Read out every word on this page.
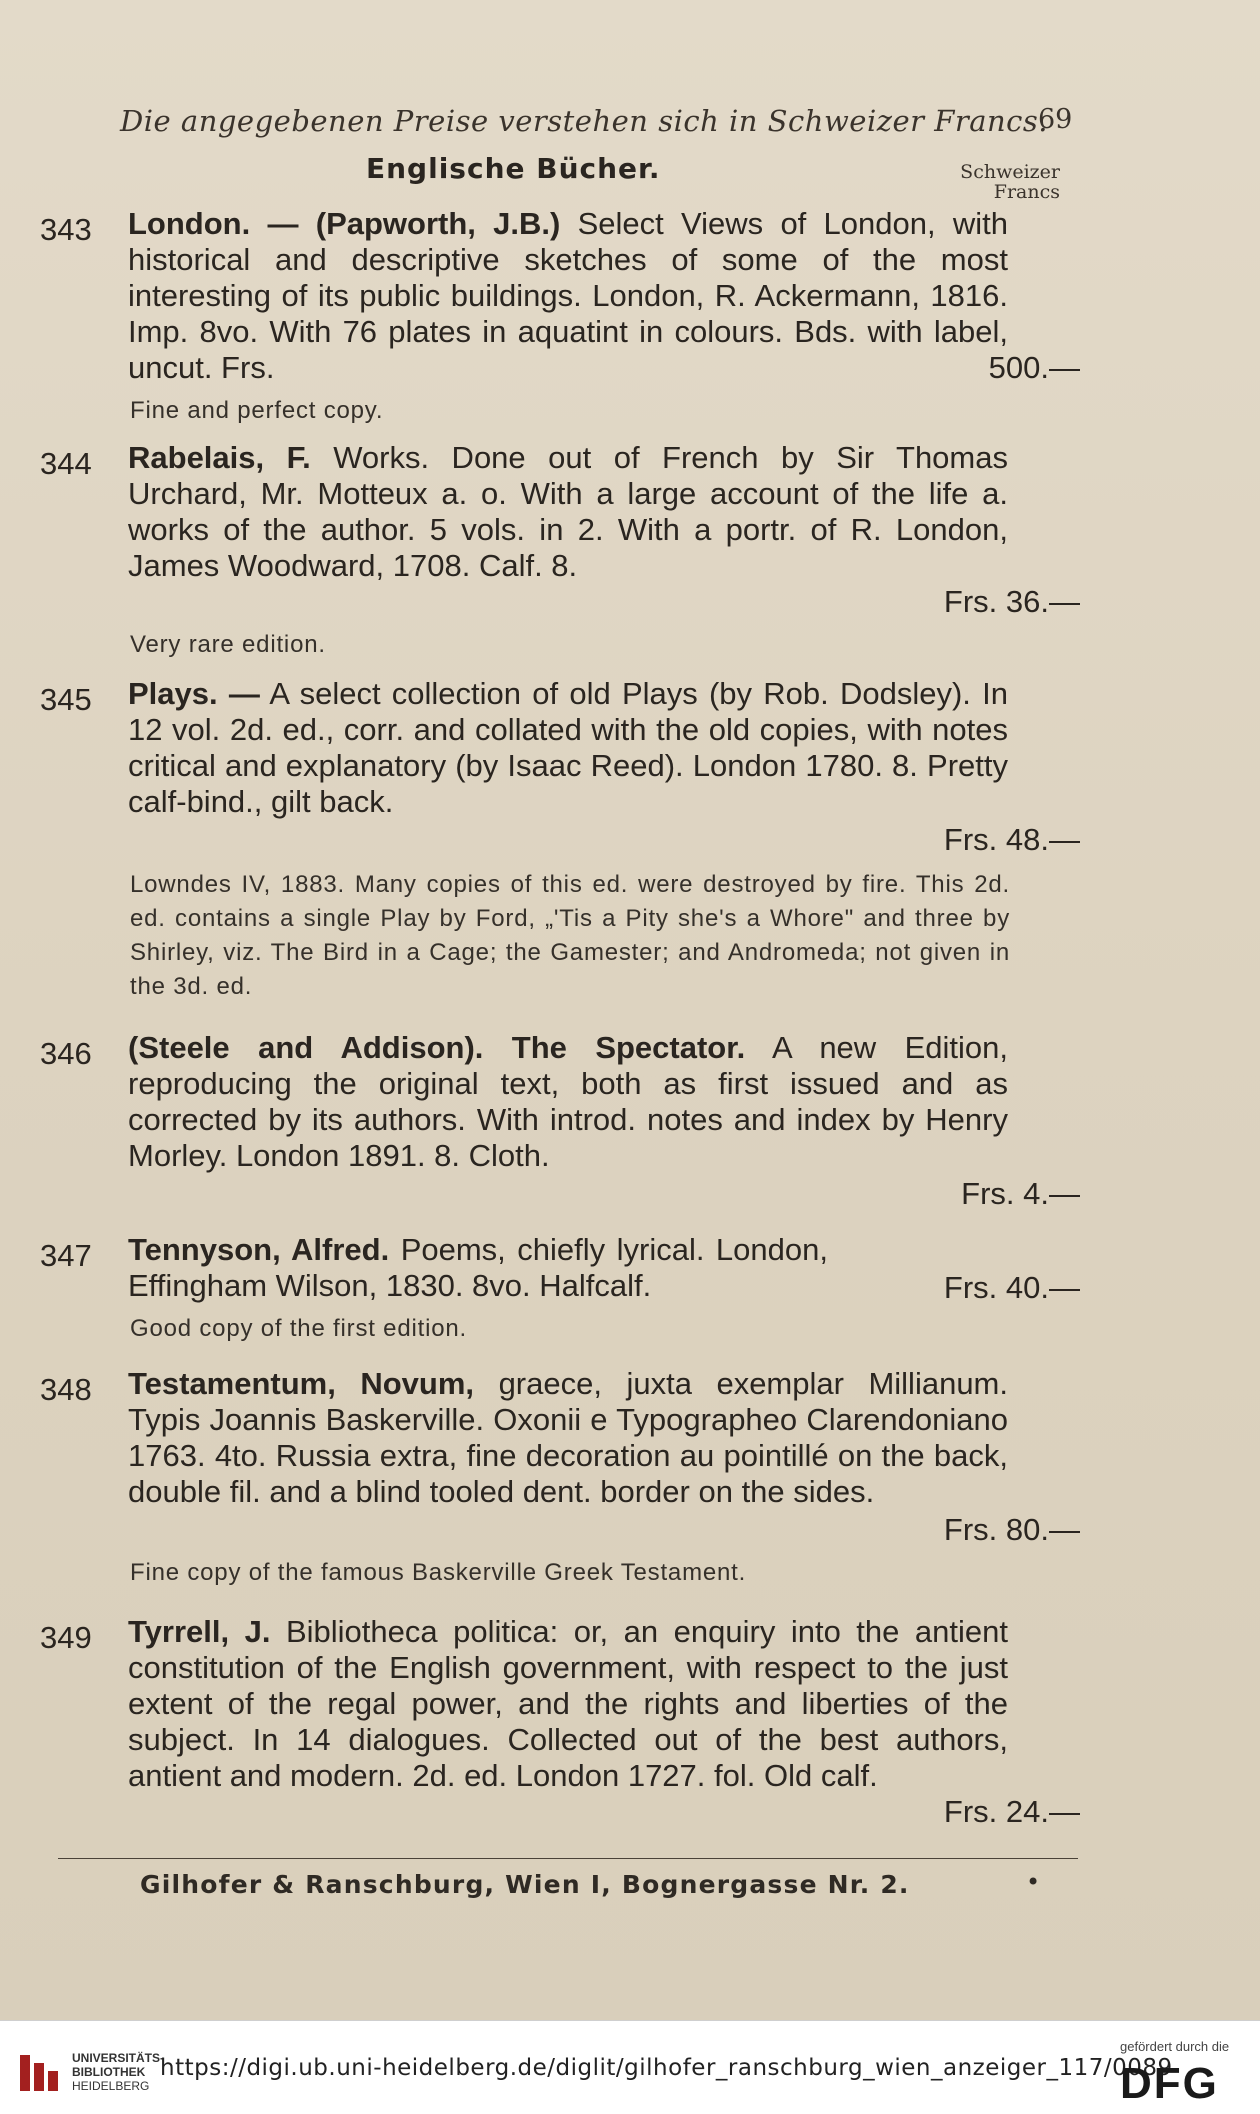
Die angegebenen Preise verstehen sich in Schweizer Francs.
69
Englische Bücher.	Schweizer
Francs
343 London. — (Papworth, J.B.) Select Views of London, with historical and descriptive sketches of some of the most interesting of its public buildings. London, R. Ackermann, 1816. Imp. 8vo. With 76 plates in aquatint in colours. Bds. with label, uncut. Frs.	500.—
Fine and perfect copy.
344 Rabelais, F. Works. Done out of French by Sir Thomas Urchard, Mr. Motteux a. o. With a large account of the life a. works of the author. 5 vols. in 2. With a portr. of R. London, James Woodward, 1708. Calf. 8.
Frs. 36.—
Very rare edition.
345 Plays. — A select collection of old Plays (by Rob. Dodsley). In 12 vol. 2d. ed., corr. and collated with the old copies, with notes critical and explanatory (by Isaac Reed). London 1780. 8. Pretty calf-bind., gilt back.
Frs. 48.—
Lowndes IV, 1883. Many copies of this ed. were destroyed by fire. This 2d. ed. contains a single Play by Ford, „'Tis a Pity she's a Whore" and three by Shirley, viz. The Bird in a Cage; the Gamester; and Andromeda; not given in the 3d. ed.
346 (Steele and Addison). The Spectator. A new Edition, reproducing the original text, both as first issued and as corrected by its authors. With introd. notes and index by Henry Morley. London 1891. 8. Cloth.
Frs. 4.—
347 Tennyson, Alfred. Poems, chiefly lyrical. London, Effingham Wilson, 1830. 8vo. Halfcalf.	Frs. 40.—
Good copy of the first edition.
348 Testamentum, Novum, graece, juxta exemplar Millianum. Typis Joannis Baskerville. Oxonii e Typographeo Clarendoniano 1763. 4to. Russia extra, fine decoration au pointillé on the back, double fil. and a blind tooled dent. border on the sides.
Frs. 80.—
Fine copy of the famous Baskerville Greek Testament.
349 Tyrrell, J. Bibliotheca politica: or, an enquiry into the antient constitution of the English government, with respect to the just extent of the regal power, and the rights and liberties of the subject. In 14 dialogues. Collected out of the best authors, antient and modern. 2d. ed. London 1727. fol. Old calf.
Frs. 24.—
Gilhofer & Ranschburg, Wien I, Bognergasse Nr. 2.	•
UNIVERSITÄTS-
BIBLIOTHEK
HEIDELBERG
https://digi.ub.uni-heidelberg.de/diglit/gilhofer_ranschburg_wien_anzeiger_117/0089
gefördert durch die
DFG
